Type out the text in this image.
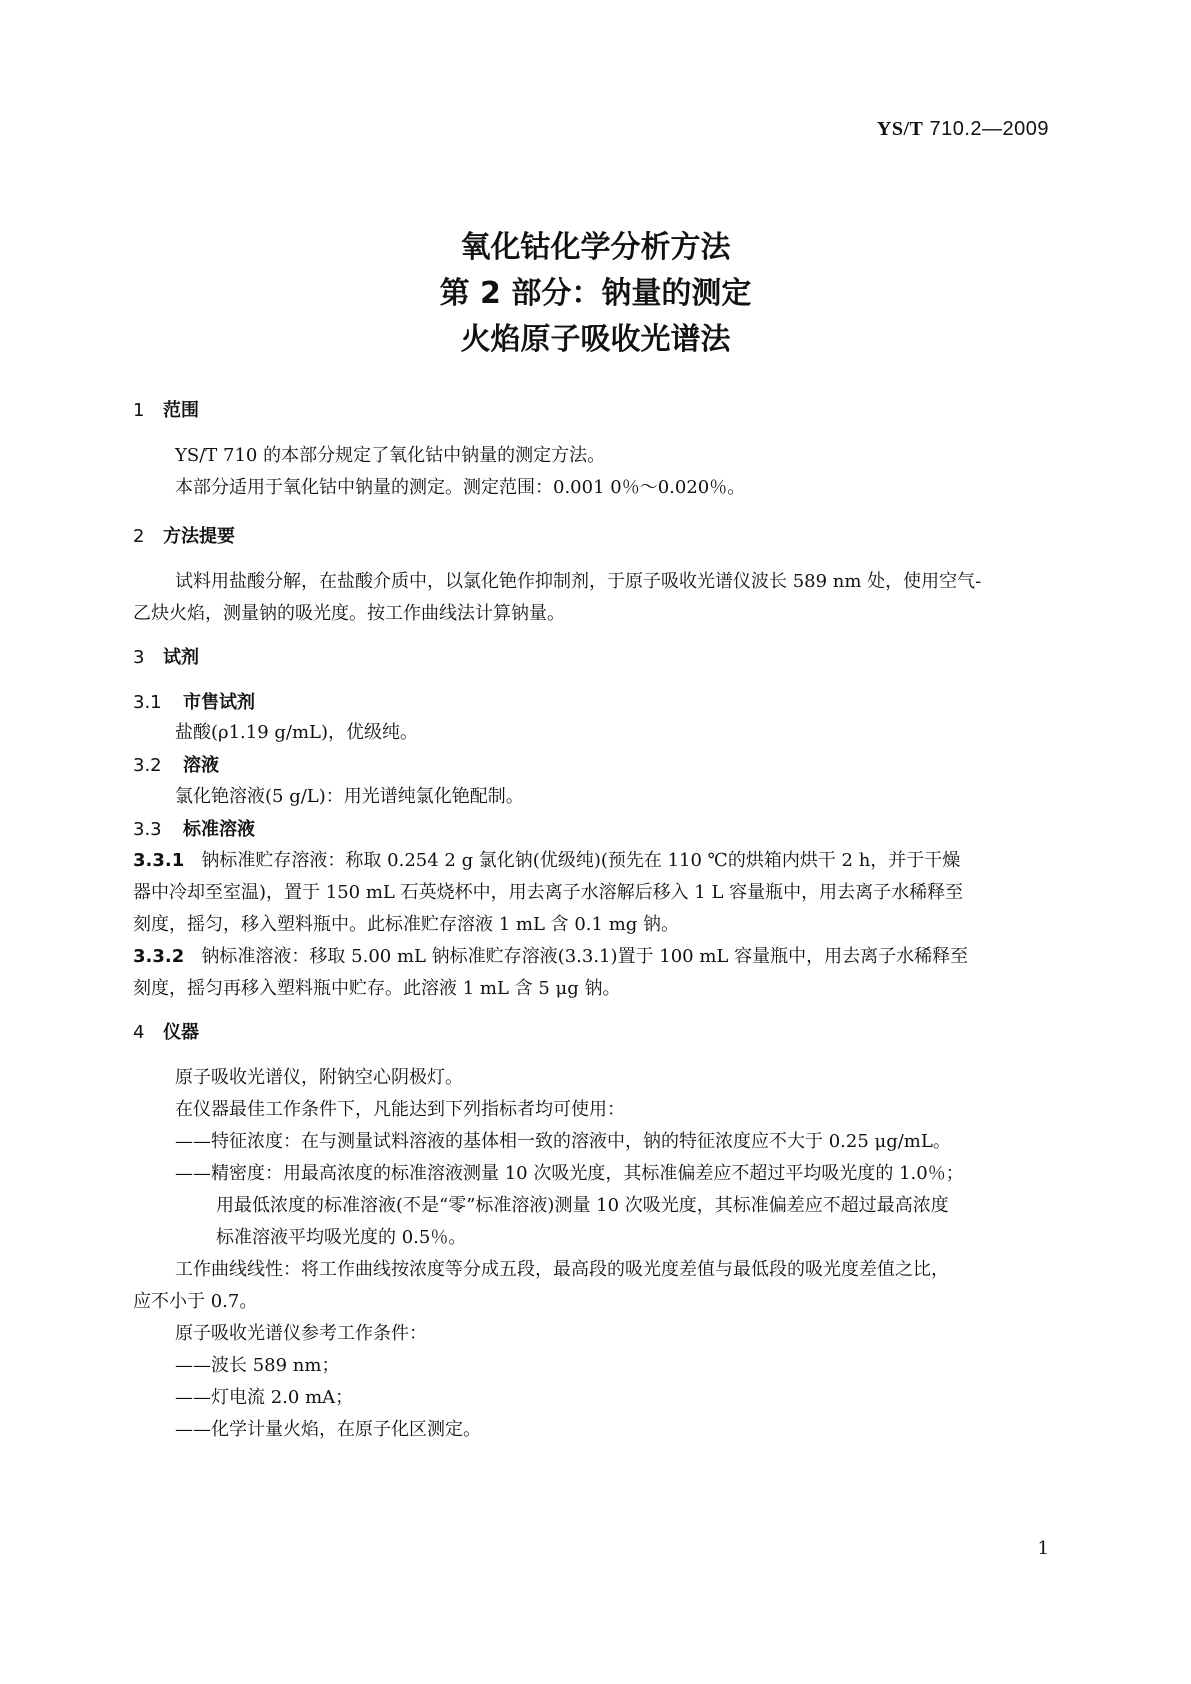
YS/T 710.2—2009
氧化钴化学分析方法
第 2 部分：钠量的测定
火焰原子吸收光谱法
1 范围
YS/T 710 的本部分规定了氧化钴中钠量的测定方法。
本部分适用于氧化钴中钠量的测定。测定范围：0.001 0％～0.020％。
2 方法提要
试料用盐酸分解，在盐酸介质中，以氯化铯作抑制剂，于原子吸收光谱仪波长 589 nm 处，使用空气-
乙炔火焰，测量钠的吸光度。按工作曲线法计算钠量。
3 试剂
3.1 市售试剂
盐酸(ρ1.19 g/mL)，优级纯。
3.2 溶液
氯化铯溶液(5 g/L)：用光谱纯氯化铯配制。
3.3 标准溶液
3.3.1 钠标准贮存溶液：称取 0.254 2 g 氯化钠(优级纯)(预先在 110 ℃的烘箱内烘干 2 h，并于干燥
器中冷却至室温)，置于 150 mL 石英烧杯中，用去离子水溶解后移入 1 L 容量瓶中，用去离子水稀释至
刻度，摇匀，移入塑料瓶中。此标准贮存溶液 1 mL 含 0.1 mg 钠。
3.3.2 钠标准溶液：移取 5.00 mL 钠标准贮存溶液(3.3.1)置于 100 mL 容量瓶中，用去离子水稀释至
刻度，摇匀再移入塑料瓶中贮存。此溶液 1 mL 含 5 μg 钠。
4 仪器
原子吸收光谱仪，附钠空心阴极灯。
在仪器最佳工作条件下，凡能达到下列指标者均可使用：
——特征浓度：在与测量试料溶液的基体相一致的溶液中，钠的特征浓度应不大于 0.25 μg/mL。
——精密度：用最高浓度的标准溶液测量 10 次吸光度，其标准偏差应不超过平均吸光度的 1.0％；
用最低浓度的标准溶液(不是“零”标准溶液)测量 10 次吸光度，其标准偏差应不超过最高浓度
标准溶液平均吸光度的 0.5％。
工作曲线线性：将工作曲线按浓度等分成五段，最高段的吸光度差值与最低段的吸光度差值之比，
应不小于 0.7。
原子吸收光谱仪参考工作条件：
——波长 589 nm；
——灯电流 2.0 mA；
——化学计量火焰，在原子化区测定。
1
